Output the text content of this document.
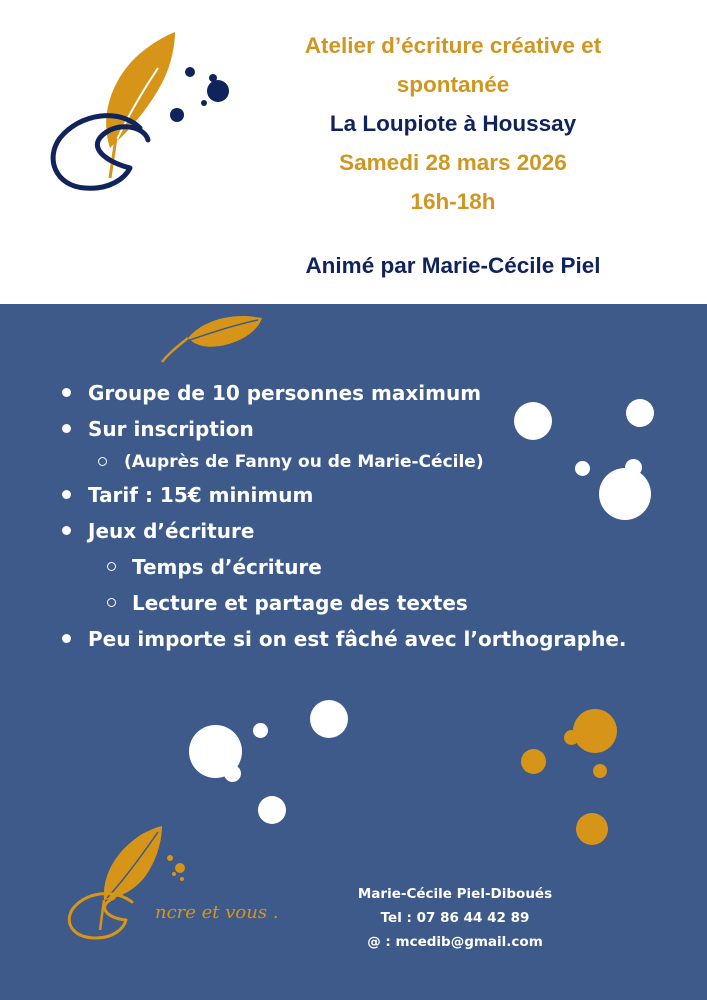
Atelier d’écriture créative et
spontanée
La Loupiote à Houssay
Samedi 28 mars 2026
16h-18h
Animé par Marie-Cécile Piel
Groupe de 10 personnes maximum
Sur inscription
(Auprès de Fanny ou de Marie-Cécile)
Tarif : 15€ minimum
Jeux d’écriture
Temps d’écriture
Lecture et partage des textes
Peu importe si on est fâché avec l’orthographe.
ncre et vous .
Marie-Cécile Piel-Diboués
Tel : 07 86 44 42 89
@ : mcedib@gmail.com
